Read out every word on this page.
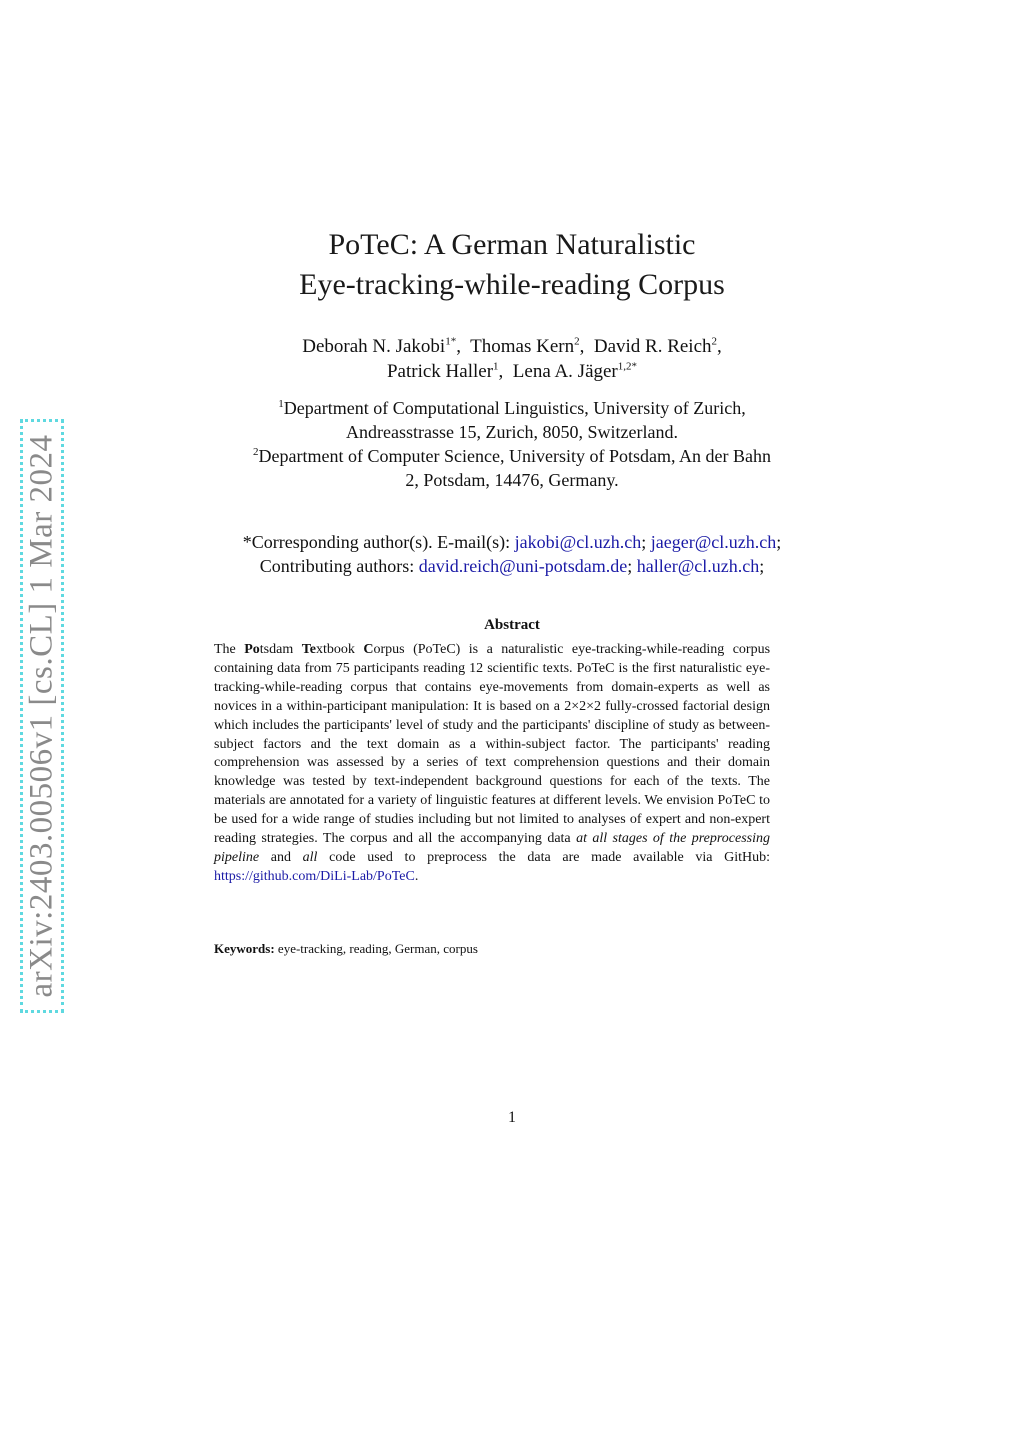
arXiv:2403.00506v1 [cs.CL] 1 Mar 2024
PoTeC: A German Naturalistic
Eye-tracking-while-reading Corpus
Deborah N. Jakobi$^{1*}$,  Thomas Kern$^2$,  David R. Reich$^2$,
Patrick Haller$^1$,  Lena A. Jäger$^{1,2*}$
$^1$Department of Computational Linguistics, University of Zurich,
Andreasstrasse 15, Zurich, 8050, Switzerland.
$^2$Department of Computer Science, University of Potsdam, An der Bahn
2, Potsdam, 14476, Germany.
*Corresponding author(s). E-mail(s): jakobi@cl.uzh.ch; jaeger@cl.uzh.ch;
Contributing authors: david.reich@uni-potsdam.de; haller@cl.uzh.ch;
Abstract
The Potsdam Textbook Corpus (PoTeC) is a naturalistic eye-tracking-while-reading corpus containing data from 75 participants reading 12 scientific texts. PoTeC is the first naturalistic eye-tracking-while-reading corpus that contains eye-movements from domain-experts as well as novices in a within-participant manipulation: It is based on a 2×2×2 fully-crossed factorial design which includes the participants' level of study and the participants' discipline of study as between-subject factors and the text domain as a within-subject factor. The participants' reading comprehension was assessed by a series of text comprehension questions and their domain knowledge was tested by text-independent background questions for each of the texts. The materials are annotated for a variety of linguistic features at different levels. We envision PoTeC to be used for a wide range of studies including but not limited to analyses of expert and non-expert reading strategies. The corpus and all the accompanying data at all stages of the preprocessing pipeline and all code used to preprocess the data are made available via GitHub: https://github.com/DiLi-Lab/PoTeC.
Keywords: eye-tracking, reading, German, corpus
1
